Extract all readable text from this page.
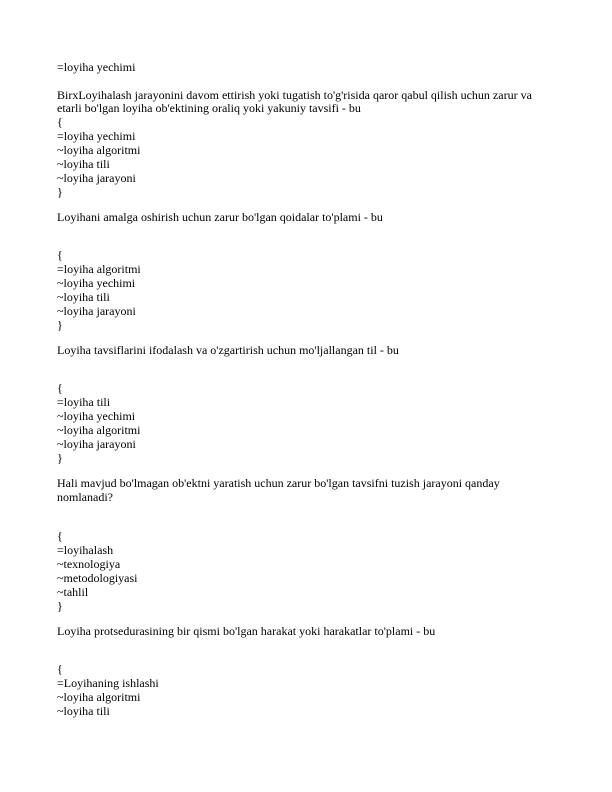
=loyiha yechimi
BirxLoyihalash jarayonini davom ettirish yoki tugatish to'g'risida qaror qabul qilish uchun zarur va
etarli bo'lgan loyiha ob'ektining oraliq yoki yakuniy tavsifi - bu
{
=loyiha yechimi
~loyiha algoritmi
~loyiha tili
~loyiha jarayoni
}
Loyihani amalga oshirish uchun zarur bo'lgan qoidalar to'plami - bu
{
=loyiha algoritmi
~loyiha yechimi
~loyiha tili
~loyiha jarayoni
}
Loyiha tavsiflarini ifodalash va o'zgartirish uchun mo'ljallangan til - bu
{
=loyiha tili
~loyiha yechimi
~loyiha algoritmi
~loyiha jarayoni
}
Hali mavjud bo'lmagan ob'ektni yaratish uchun zarur bo'lgan tavsifni tuzish jarayoni qanday
nomlanadi?
{
=loyihalash
~texnologiya
~metodologiyasi
~tahlil
}
Loyiha protsedurasining bir qismi bo'lgan harakat yoki harakatlar to'plami - bu
{
=Loyihaning ishlashi
~loyiha algoritmi
~loyiha tili
